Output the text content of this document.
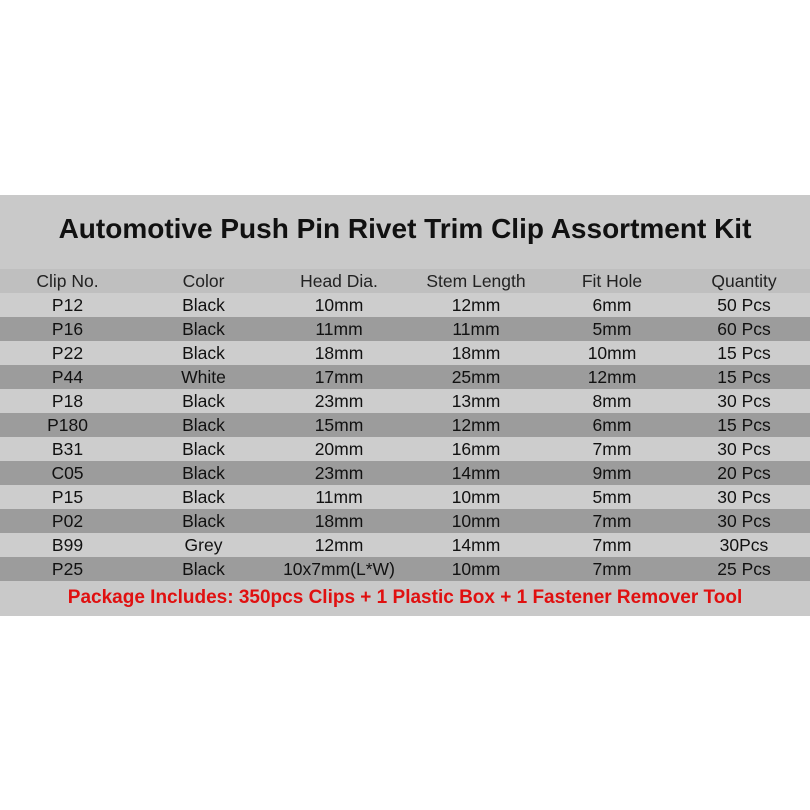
Automotive Push Pin Rivet Trim Clip Assortment Kit
Clip No.	Color	Head Dia.	Stem Length	Fit Hole	Quantity
P12	Black	10mm	12mm	6mm	50 Pcs
P16	Black	11mm	11mm	5mm	60 Pcs
P22	Black	18mm	18mm	10mm	15 Pcs
P44	White	17mm	25mm	12mm	15 Pcs
P18	Black	23mm	13mm	8mm	30 Pcs
P180	Black	15mm	12mm	6mm	15 Pcs
B31	Black	20mm	16mm	7mm	30 Pcs
C05	Black	23mm	14mm	9mm	20 Pcs
P15	Black	11mm	10mm	5mm	30 Pcs
P02	Black	18mm	10mm	7mm	30 Pcs
B99	Grey	12mm	14mm	7mm	30Pcs
P25	Black	10x7mm(L*W)	10mm	7mm	25 Pcs
Package Includes: 350pcs Clips + 1 Plastic Box + 1 Fastener Remover Tool
